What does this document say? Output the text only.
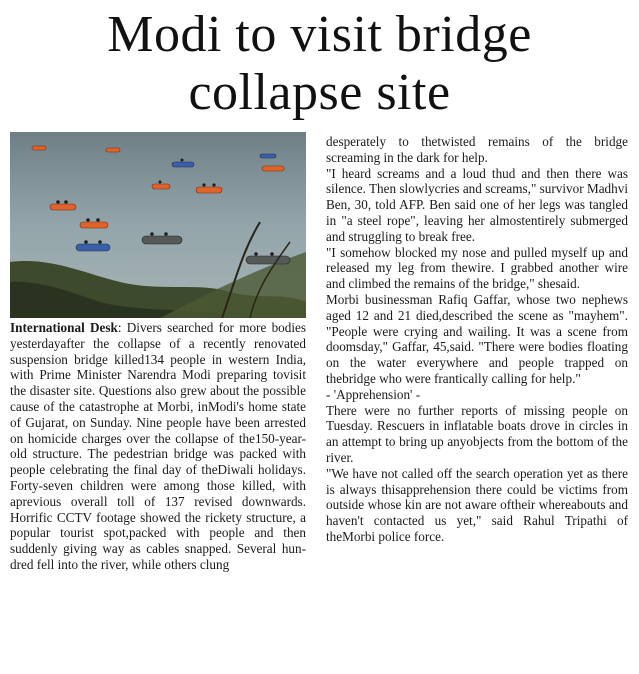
Modi to visit bridge
collapse site

International Desk: Divers searched for more bodies yesterdayafter the collapse of a recently renovated suspension bridge killed134 people in western India, with Prime Minister Narendra Modi preparing tovisit the disaster site. Questions also grew about the possible cause of the catastrophe at Morbi, inModi's home state of Gujarat, on Sunday. Nine people have been arrested on homicide charges over the collapse of the150-year-old structure. The pedestrian bridge was packed with people celebrating the final day of theDiwali holidays. Forty-seven children were among those killed, with aprevious overall toll of 137 revised downwards. Horrific CCTV footage showed the rickety structure, a popular tourist spot,packed with people and then suddenly giving way as cables snapped. Several hun-dred fell into the river, while others clung

desperately to thetwisted remains of the bridge screaming in the dark for help.

"I heard screams and a loud thud and then there was silence. Then slowlycries and screams," survivor Madhvi Ben, 30, told AFP. Ben said one of her legs was tangled in "a steel rope", leaving her almostentirely submerged and struggling to break free.

"I somehow blocked my nose and pulled myself up and released my leg from thewire. I grabbed another wire and climbed the remains of the bridge," shesaid.

Morbi businessman Rafiq Gaffar, whose two nephews aged 12 and 21 died,described the scene as "mayhem". "People were crying and wailing. It was a scene from doomsday," Gaffar, 45,said. "There were bodies floating on the water everywhere and people trapped on thebridge who were frantically calling for help."

- 'Apprehension' -

There were no further reports of missing people on Tuesday. Rescuers in inflatable boats drove in circles in an attempt to bring up anyobjects from the bottom of the river.

"We have not called off the search operation yet as there is always thisapprehension there could be victims from outside whose kin are not aware oftheir whereabouts and haven't contacted us yet," said Rahul Tripathi of theMorbi police force.
